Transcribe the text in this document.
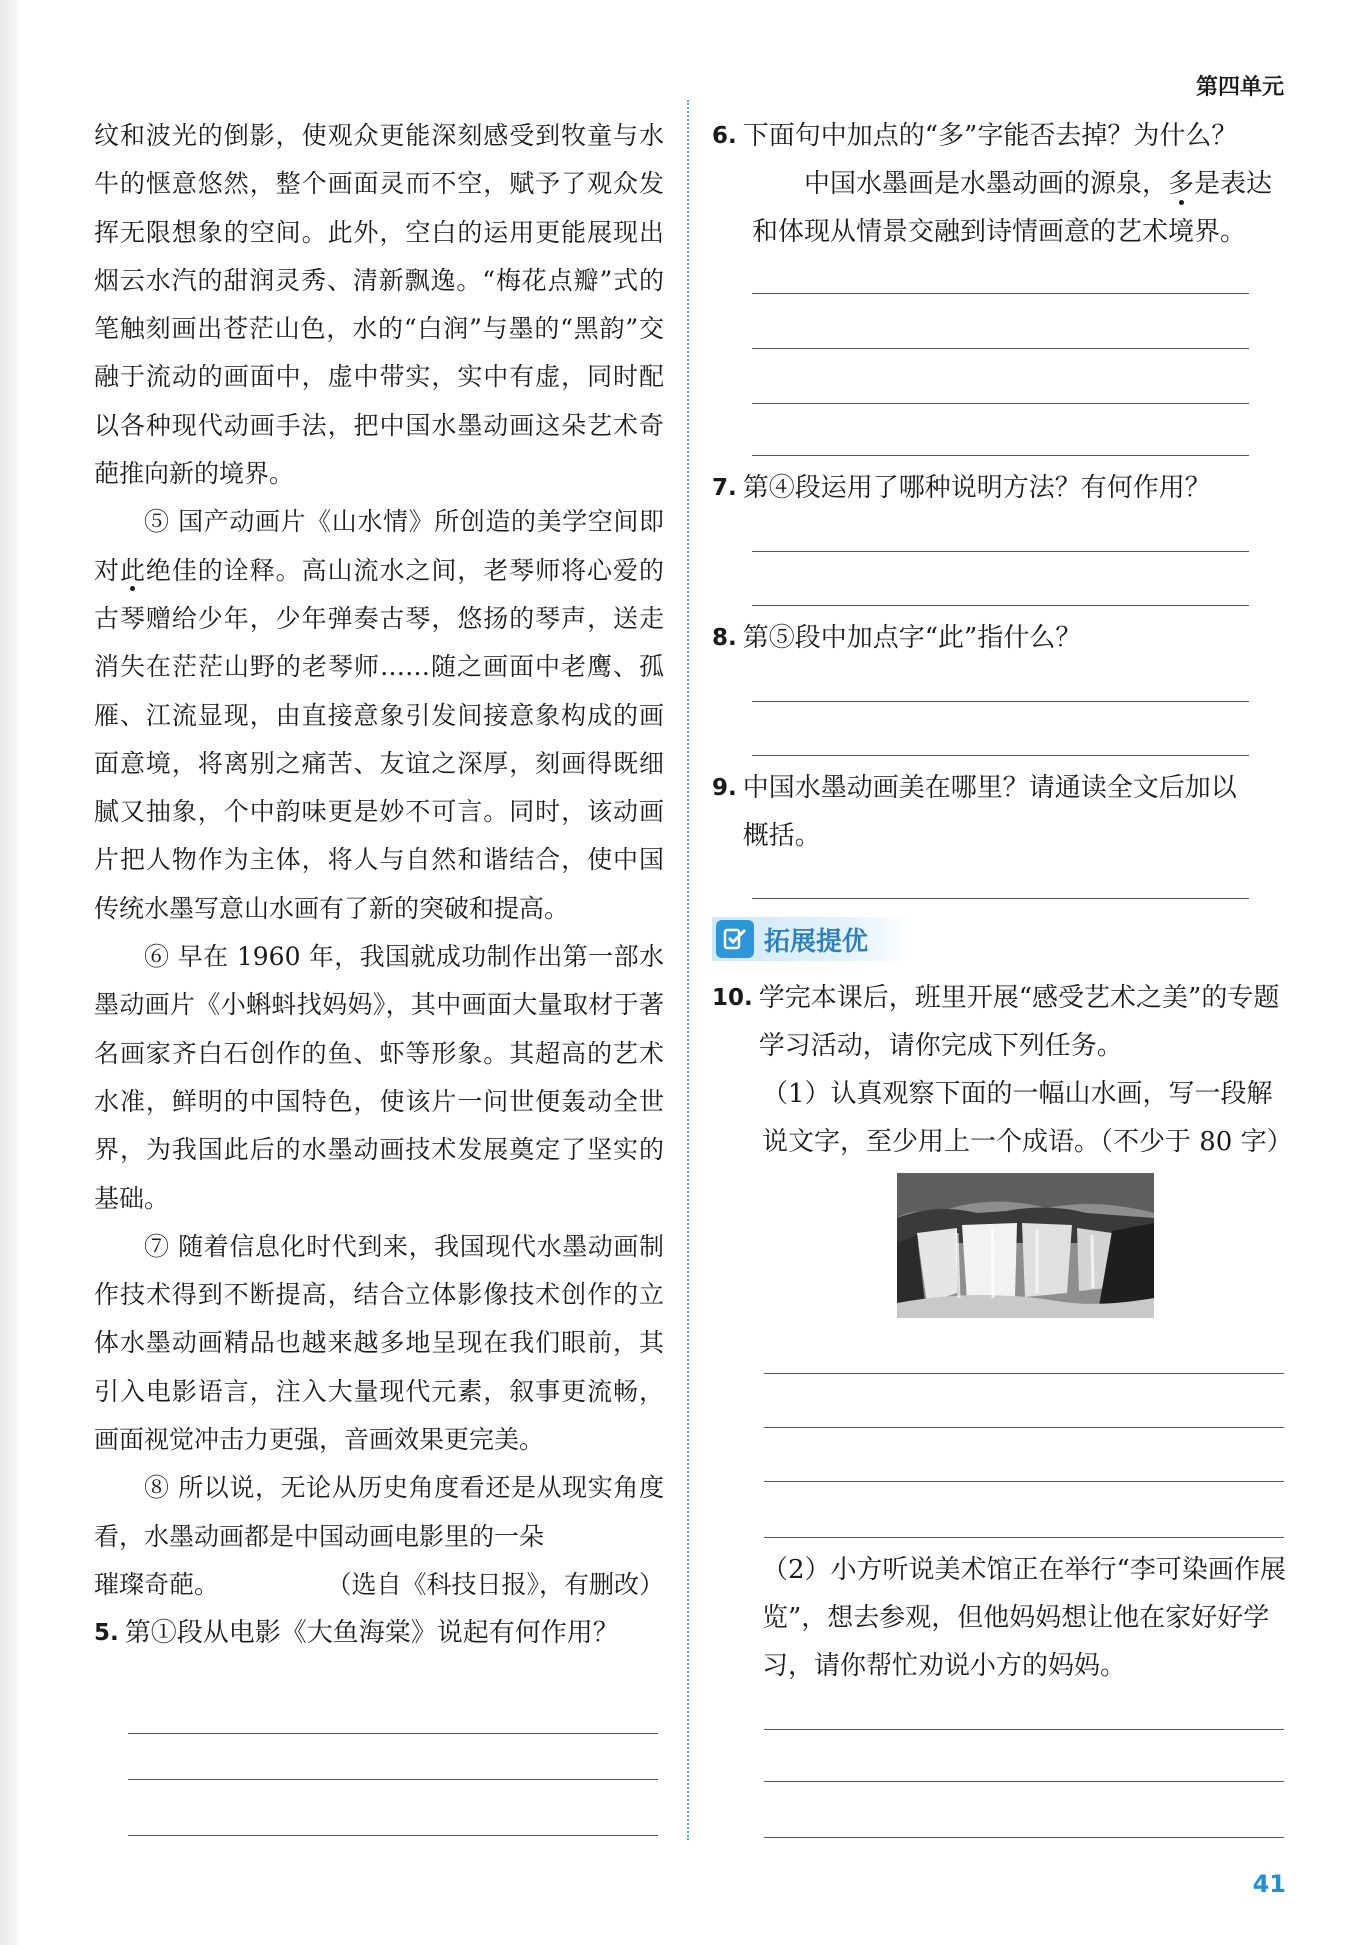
第四单元

纹和波光的倒影，使观众更能深刻感受到牧童与水牛的惬意悠然，整个画面灵而不空，赋予了观众发挥无限想象的空间。此外，空白的运用更能展现出烟云水汽的甜润灵秀、清新飘逸。“梅花点瓣”式的笔触刻画出苍茫山色，水的“白润”与墨的“黑韵”交融于流动的画面中，虚中带实，实中有虚，同时配以各种现代动画手法，把中国水墨动画这朵艺术奇葩推向新的境界。

⑤ 国产动画片《山水情》所创造的美学空间即对此绝佳的诠释。高山流水之间，老琴师将心爱的古琴赠给少年，少年弹奏古琴，悠扬的琴声，送走消失在茫茫山野的老琴师……随之画面中老鹰、孤雁、江流显现，由直接意象引发间接意象构成的画面意境，将离别之痛苦、友谊之深厚，刻画得既细腻又抽象，个中韵味更是妙不可言。同时，该动画片把人物作为主体，将人与自然和谐结合，使中国传统水墨写意山水画有了新的突破和提高。

⑥ 早在 1960 年，我国就成功制作出第一部水墨动画片《小蝌蚪找妈妈》，其中画面大量取材于著名画家齐白石创作的鱼、虾等形象。其超高的艺术水准，鲜明的中国特色，使该片一问世便轰动全世界，为我国此后的水墨动画技术发展奠定了坚实的基础。

⑦ 随着信息化时代到来，我国现代水墨动画制作技术得到不断提高，结合立体影像技术创作的立体水墨动画精品也越来越多地呈现在我们眼前，其引入电影语言，注入大量现代元素，叙事更流畅，画面视觉冲击力更强，音画效果更完美。

⑧ 所以说，无论从历史角度看还是从现实角度看，水墨动画都是中国动画电影里的一朵

璀璨奇葩。	（选自《科技日报》，有删改）
5. 第①段从电影《大鱼海棠》说起有何作用？
6. 下面句中加点的“多”字能否去掉？为什么？
中国水墨画是水墨动画的源泉，多是表达和体现从情景交融到诗情画意的艺术境界。
7. 第④段运用了哪种说明方法？有何作用？
8. 第⑤段中加点字“此”指什么？
9. 中国水墨动画美在哪里？请通读全文后加以概括。
拓展提优
10. 学完本课后，班里开展“感受艺术之美”的专题学习活动，请你完成下列任务。
（1）认真观察下面的一幅山水画，写一段解说文字，至少用上一个成语。（不少于 80 字）
（2）小方听说美术馆正在举行“李可染画作展览”，想去参观，但他妈妈想让他在家好好学习，请你帮忙劝说小方的妈妈。
41
